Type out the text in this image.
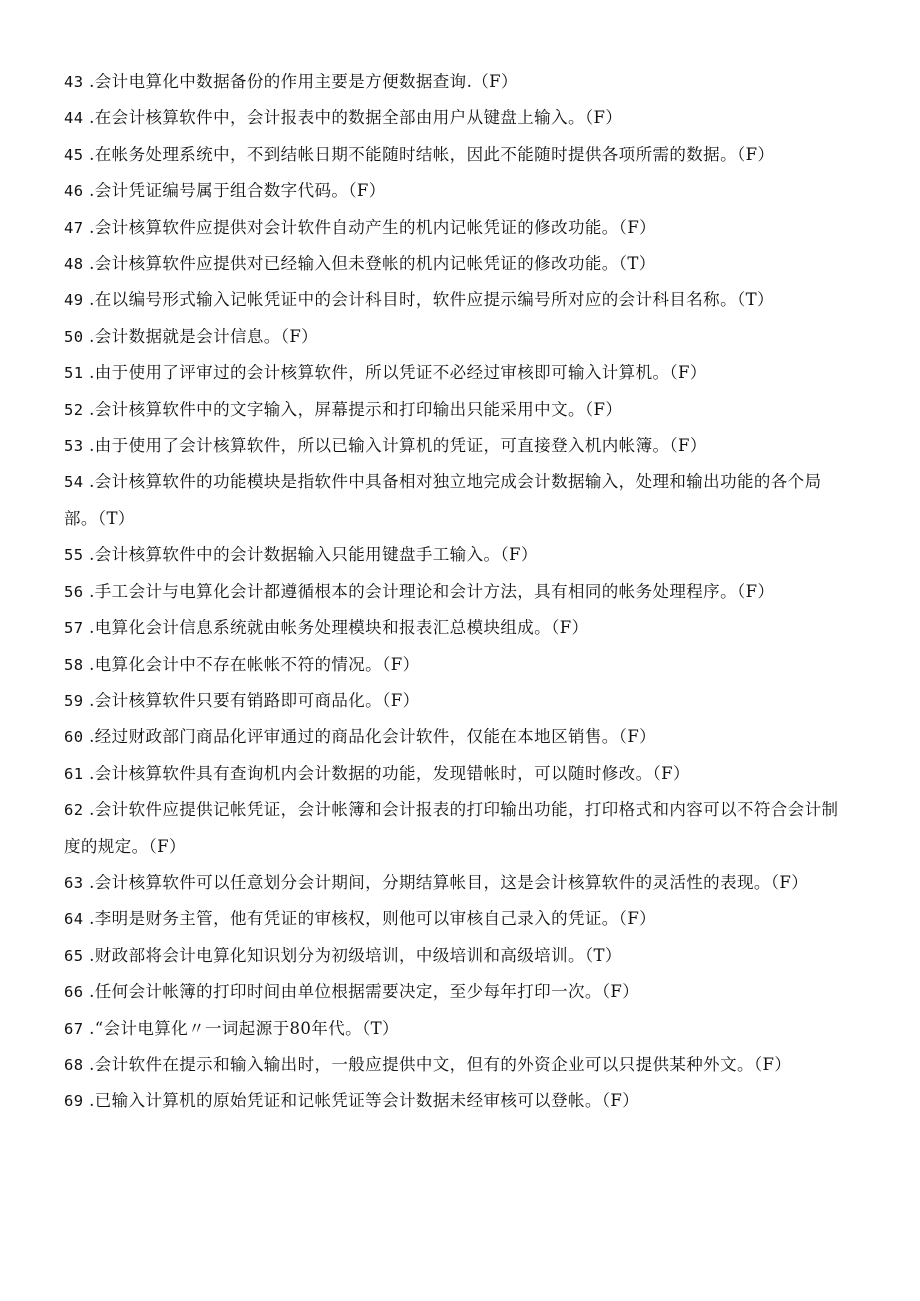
43 .会计电算化中数据备份的作用主要是方便数据查询.（F）

44 .在会计核算软件中，会计报表中的数据全部由用户从键盘上输入。（F）

45 .在帐务处理系统中，不到结帐日期不能随时结帐，因此不能随时提供各项所需的数据。（F）

46 .会计凭证编号属于组合数字代码。（F）

47 .会计核算软件应提供对会计软件自动产生的机内记帐凭证的修改功能。（F）

48 .会计核算软件应提供对已经输入但未登帐的机内记帐凭证的修改功能。（T）

49 .在以编号形式输入记帐凭证中的会计科目时，软件应提示编号所对应的会计科目名称。（T）

50 .会计数据就是会计信息。（F）

51 .由于使用了评审过的会计核算软件，所以凭证不必经过审核即可输入计算机。（F）

52 .会计核算软件中的文字输入，屏幕提示和打印输出只能采用中文。（F）

53 .由于使用了会计核算软件，所以已输入计算机的凭证，可直接登入机内帐簿。（F）

54 .会计核算软件的功能模块是指软件中具备相对独立地完成会计数据输入，处理和输出功能的各个局部。（T）

55 .会计核算软件中的会计数据输入只能用键盘手工输入。（F）

56 .手工会计与电算化会计都遵循根本的会计理论和会计方法，具有相同的帐务处理程序。（F）

57 .电算化会计信息系统就由帐务处理模块和报表汇总模块组成。（F）

58 .电算化会计中不存在帐帐不符的情况。（F）

59 .会计核算软件只要有销路即可商品化。（F）

60 .经过财政部门商品化评审通过的商品化会计软件，仅能在本地区销售。（F）

61 .会计核算软件具有查询机内会计数据的功能，发现错帐时，可以随时修改。（F）

62 .会计软件应提供记帐凭证，会计帐簿和会计报表的打印输出功能，打印格式和内容可以不符合会计制度的规定。（F）

63 .会计核算软件可以任意划分会计期间，分期结算帐目，这是会计核算软件的灵活性的表现。（F）

64 .李明是财务主管，他有凭证的审核权，则他可以审核自己录入的凭证。（F）

65 .财政部将会计电算化知识划分为初级培训，中级培训和高级培训。（T）

66 .任何会计帐簿的打印时间由单位根据需要决定，至少每年打印一次。（F）

67 .“会计电算化〃一词起源于80年代。（T）

68 .会计软件在提示和输入输出时，一般应提供中文，但有的外资企业可以只提供某种外文。（F）

69 .已输入计算机的原始凭证和记帐凭证等会计数据未经审核可以登帐。（F）
